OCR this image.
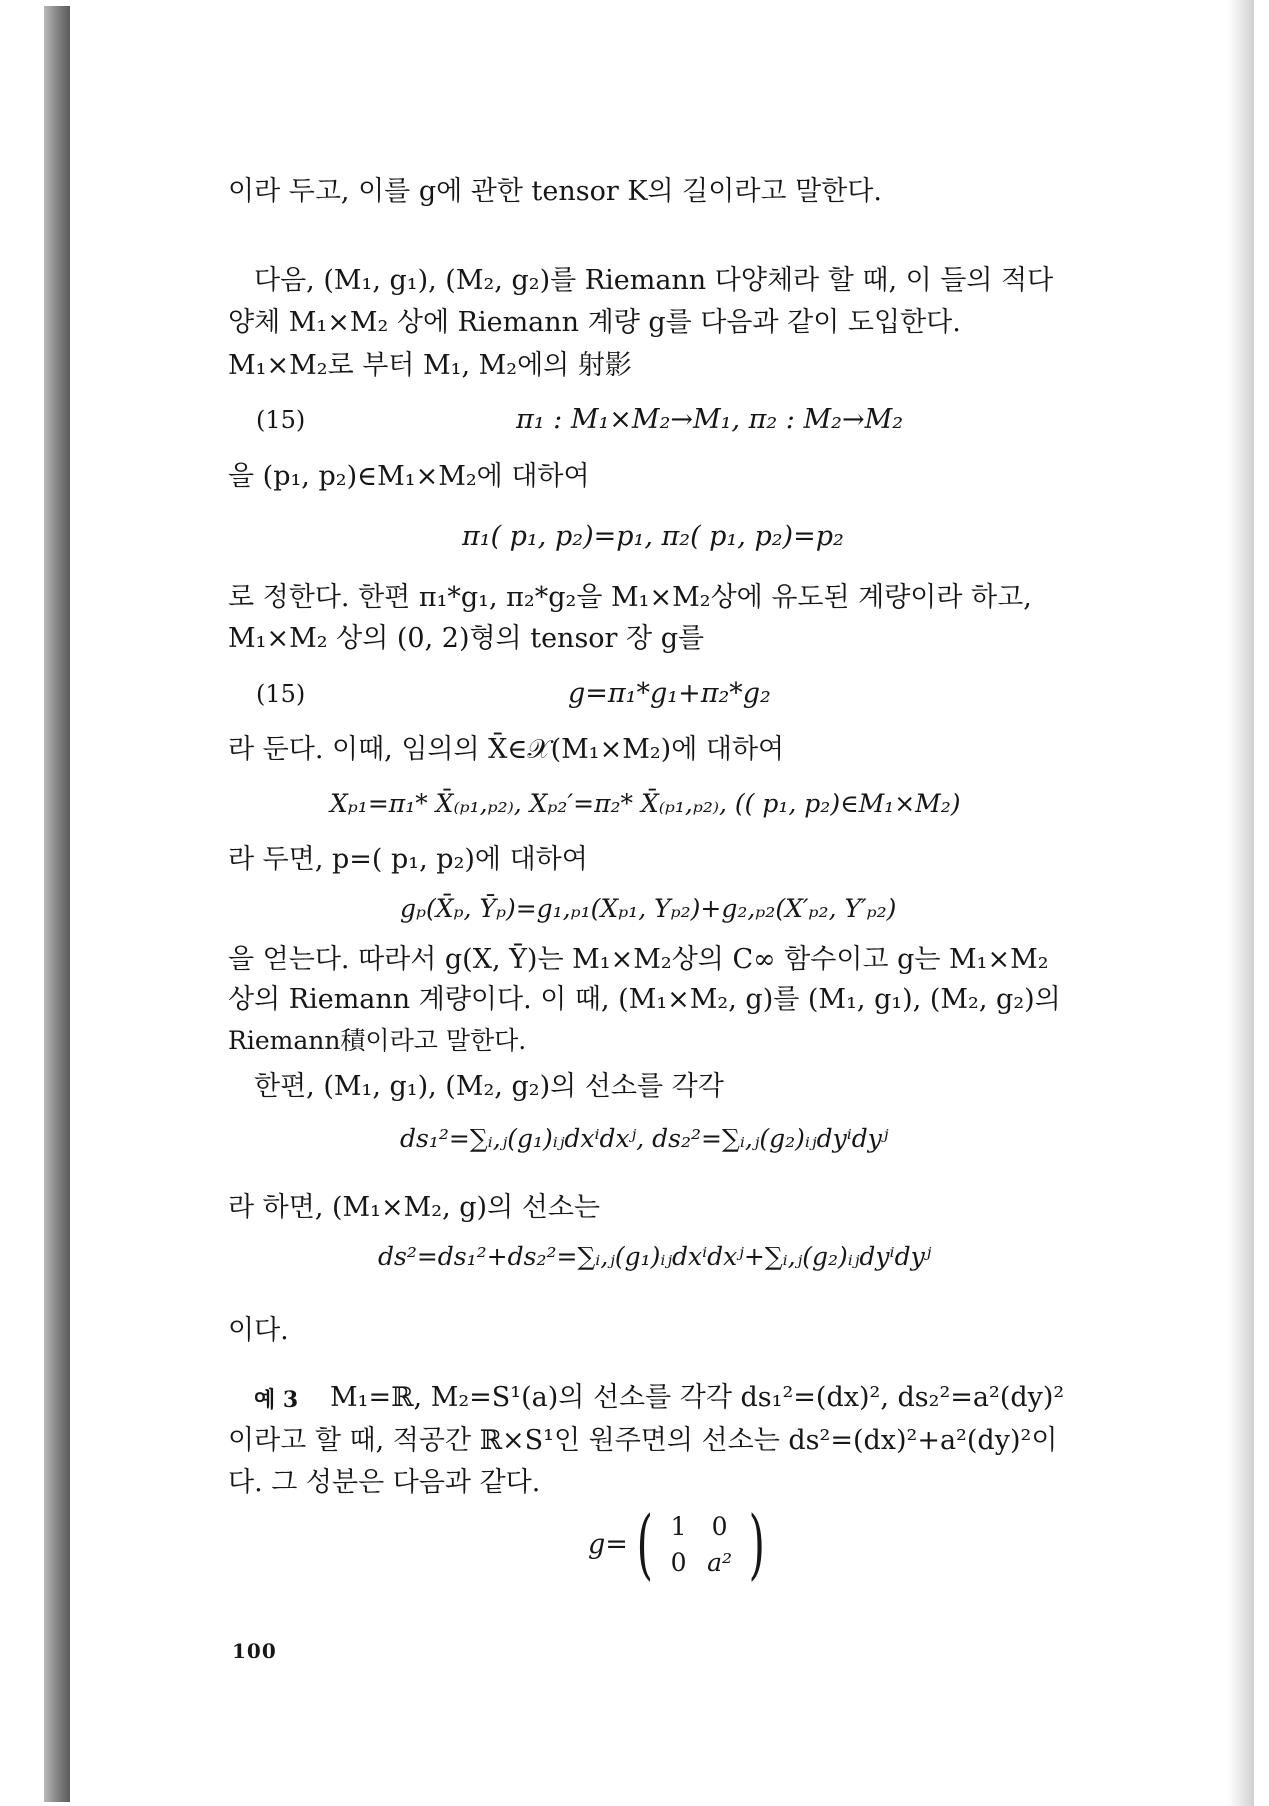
이라 두고, 이를 g에 관한 tensor K의 길이라고 말한다.
다음, (M₁, g₁), (M₂, g₂)를 Riemann 다양체라 할 때, 이 들의 적다
양체 M₁×M₂ 상에 Riemann 계량 g를 다음과 같이 도입한다.
M₁×M₂로 부터 M₁, M₂에의 射影
(15)	π₁ : M₁×M₂→M₁, π₂ : M₂→M₂
을 (p₁, p₂)∈M₁×M₂에 대하여
π₁( p₁, p₂)=p₁, π₂( p₁, p₂)=p₂
로 정한다. 한편 π₁*g₁, π₂*g₂을 M₁×M₂상에 유도된 계량이라 하고,
M₁×M₂ 상의 (0, 2)형의 tensor 장 g를
(15)	g=π₁*g₁+π₂*g₂
라 둔다. 이때, 임의의 X̄∈𝒳(M₁×M₂)에 대하여
Xₚ₁=π₁* X̄₍ₚ₁,ₚ₂₎, Xₚ₂′=π₂* X̄₍ₚ₁,ₚ₂₎, (( p₁, p₂)∈M₁×M₂)
라 두면, p=( p₁, p₂)에 대하여
gₚ(X̄ₚ, Ȳₚ)=g₁,ₚ₁(Xₚ₁, Yₚ₂)+g₂,ₚ₂(X′ₚ₂, Y′ₚ₂)
을 얻는다. 따라서 g(X, Ȳ)는 M₁×M₂상의 C∞ 함수이고 g는 M₁×M₂
상의 Riemann 계량이다. 이 때, (M₁×M₂, g)를 (M₁, g₁), (M₂, g₂)의
Riemann積이라고 말한다.
한편, (M₁, g₁), (M₂, g₂)의 선소를 각각
ds₁²=∑ᵢ,ⱼ(g₁)ᵢⱼdxⁱdxʲ, ds₂²=∑ᵢ,ⱼ(g₂)ᵢⱼdyⁱdyʲ
라 하면, (M₁×M₂, g)의 선소는
ds²=ds₁²+ds₂²=∑ᵢ,ⱼ(g₁)ᵢⱼdxⁱdxʲ+∑ᵢ,ⱼ(g₂)ᵢⱼdyⁱdyʲ
이다.
예 3 M₁=ℝ, M₂=S¹(a)의 선소를 각각 ds₁²=(dx)², ds₂²=a²(dy)²
이라고 할 때, 적공간 ℝ×S¹인 원주면의 선소는 ds²=(dx)²+a²(dy)²이
다. 그 성분은 다음과 같다.
g= ( 1	0
0 a² )
100
